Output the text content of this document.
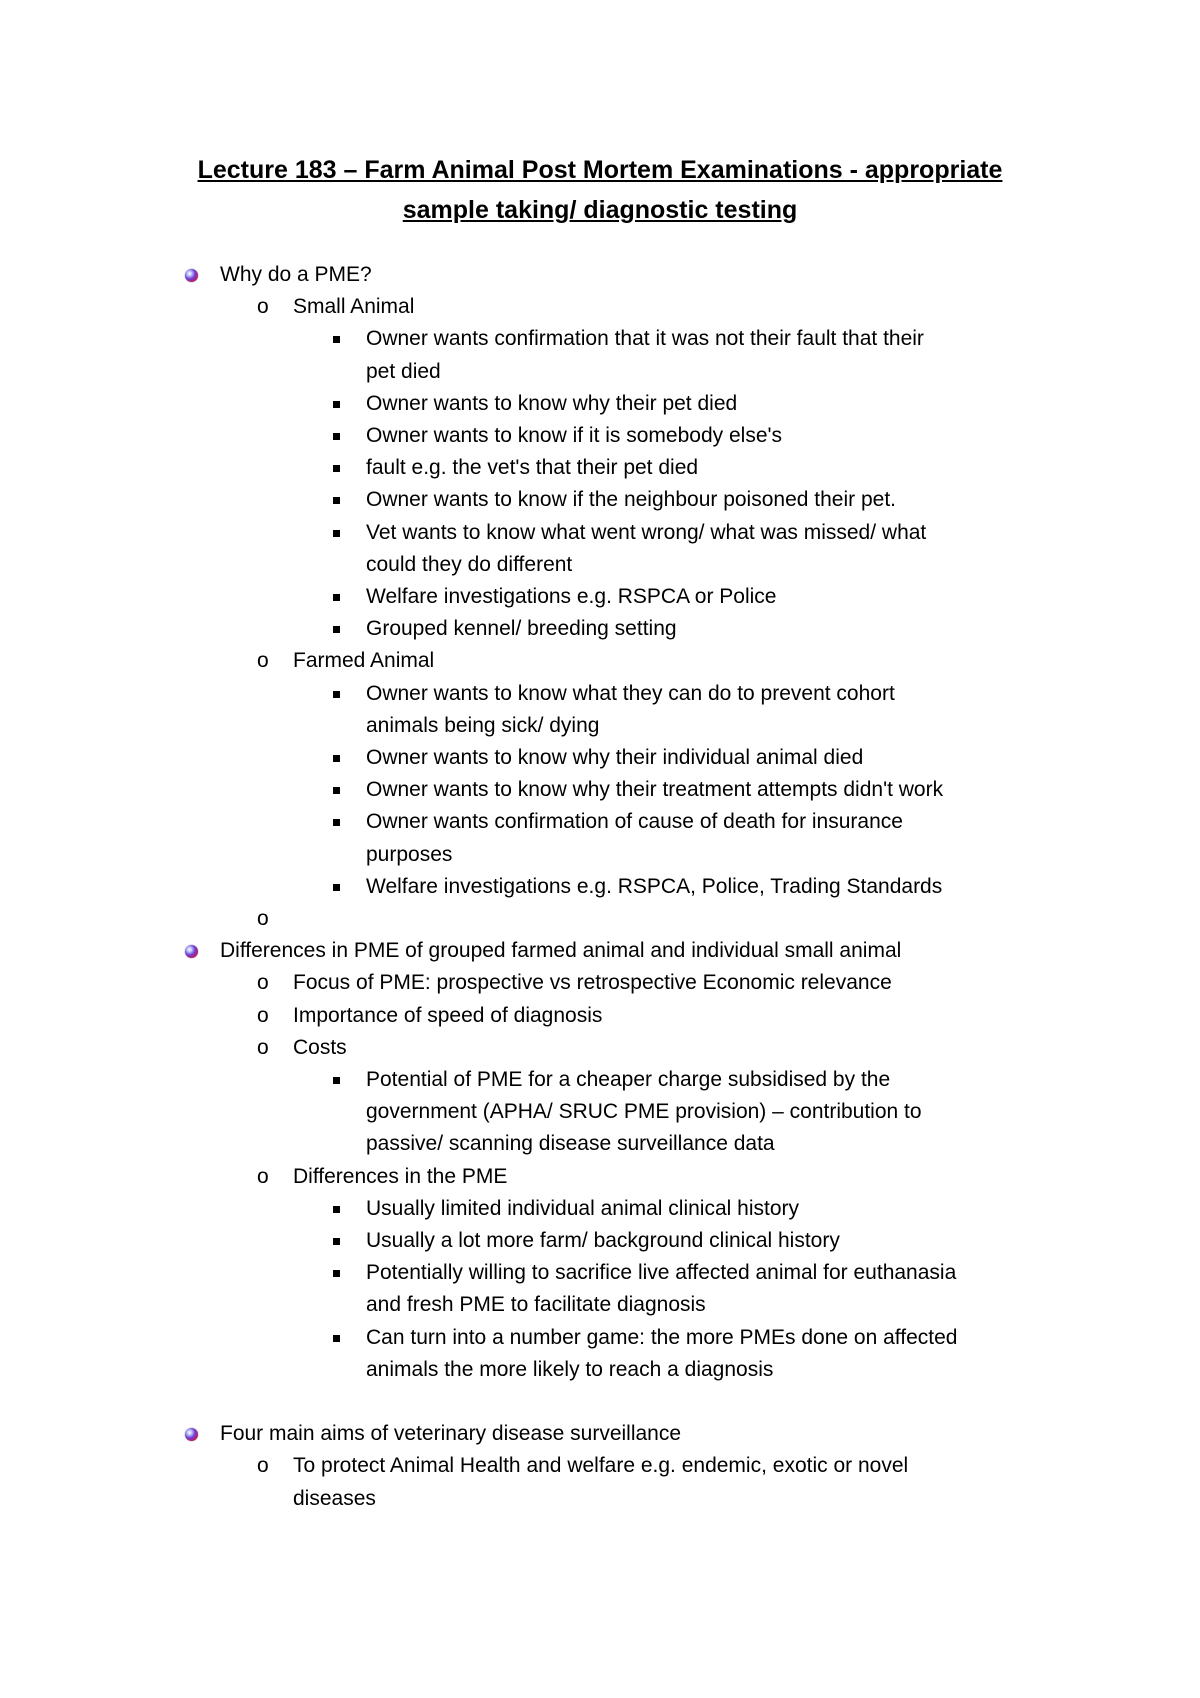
Lecture 183 – Farm Animal Post Mortem Examinations - appropriate
sample taking/ diagnostic testing
Why do a PME?
o Small Animal
Owner wants confirmation that it was not their fault that their
pet died
Owner wants to know why their pet died
Owner wants to know if it is somebody else's
fault e.g. the vet's that their pet died
Owner wants to know if the neighbour poisoned their pet.
Vet wants to know what went wrong/ what was missed/ what
could they do different
Welfare investigations e.g. RSPCA or Police
Grouped kennel/ breeding setting
o Farmed Animal
Owner wants to know what they can do to prevent cohort
animals being sick/ dying
Owner wants to know why their individual animal died
Owner wants to know why their treatment attempts didn't work
Owner wants confirmation of cause of death for insurance
purposes
Welfare investigations e.g. RSPCA, Police, Trading Standards
o
Differences in PME of grouped farmed animal and individual small animal
o Focus of PME: prospective vs retrospective Economic relevance
o Importance of speed of diagnosis
o Costs
Potential of PME for a cheaper charge subsidised by the
government (APHA/ SRUC PME provision) – contribution to
passive/ scanning disease surveillance data
o Differences in the PME
Usually limited individual animal clinical history
Usually a lot more farm/ background clinical history
Potentially willing to sacrifice live affected animal for euthanasia
and fresh PME to facilitate diagnosis
Can turn into a number game: the more PMEs done on affected
animals the more likely to reach a diagnosis
Four main aims of veterinary disease surveillance
o To protect Animal Health and welfare e.g. endemic, exotic or novel
diseases
